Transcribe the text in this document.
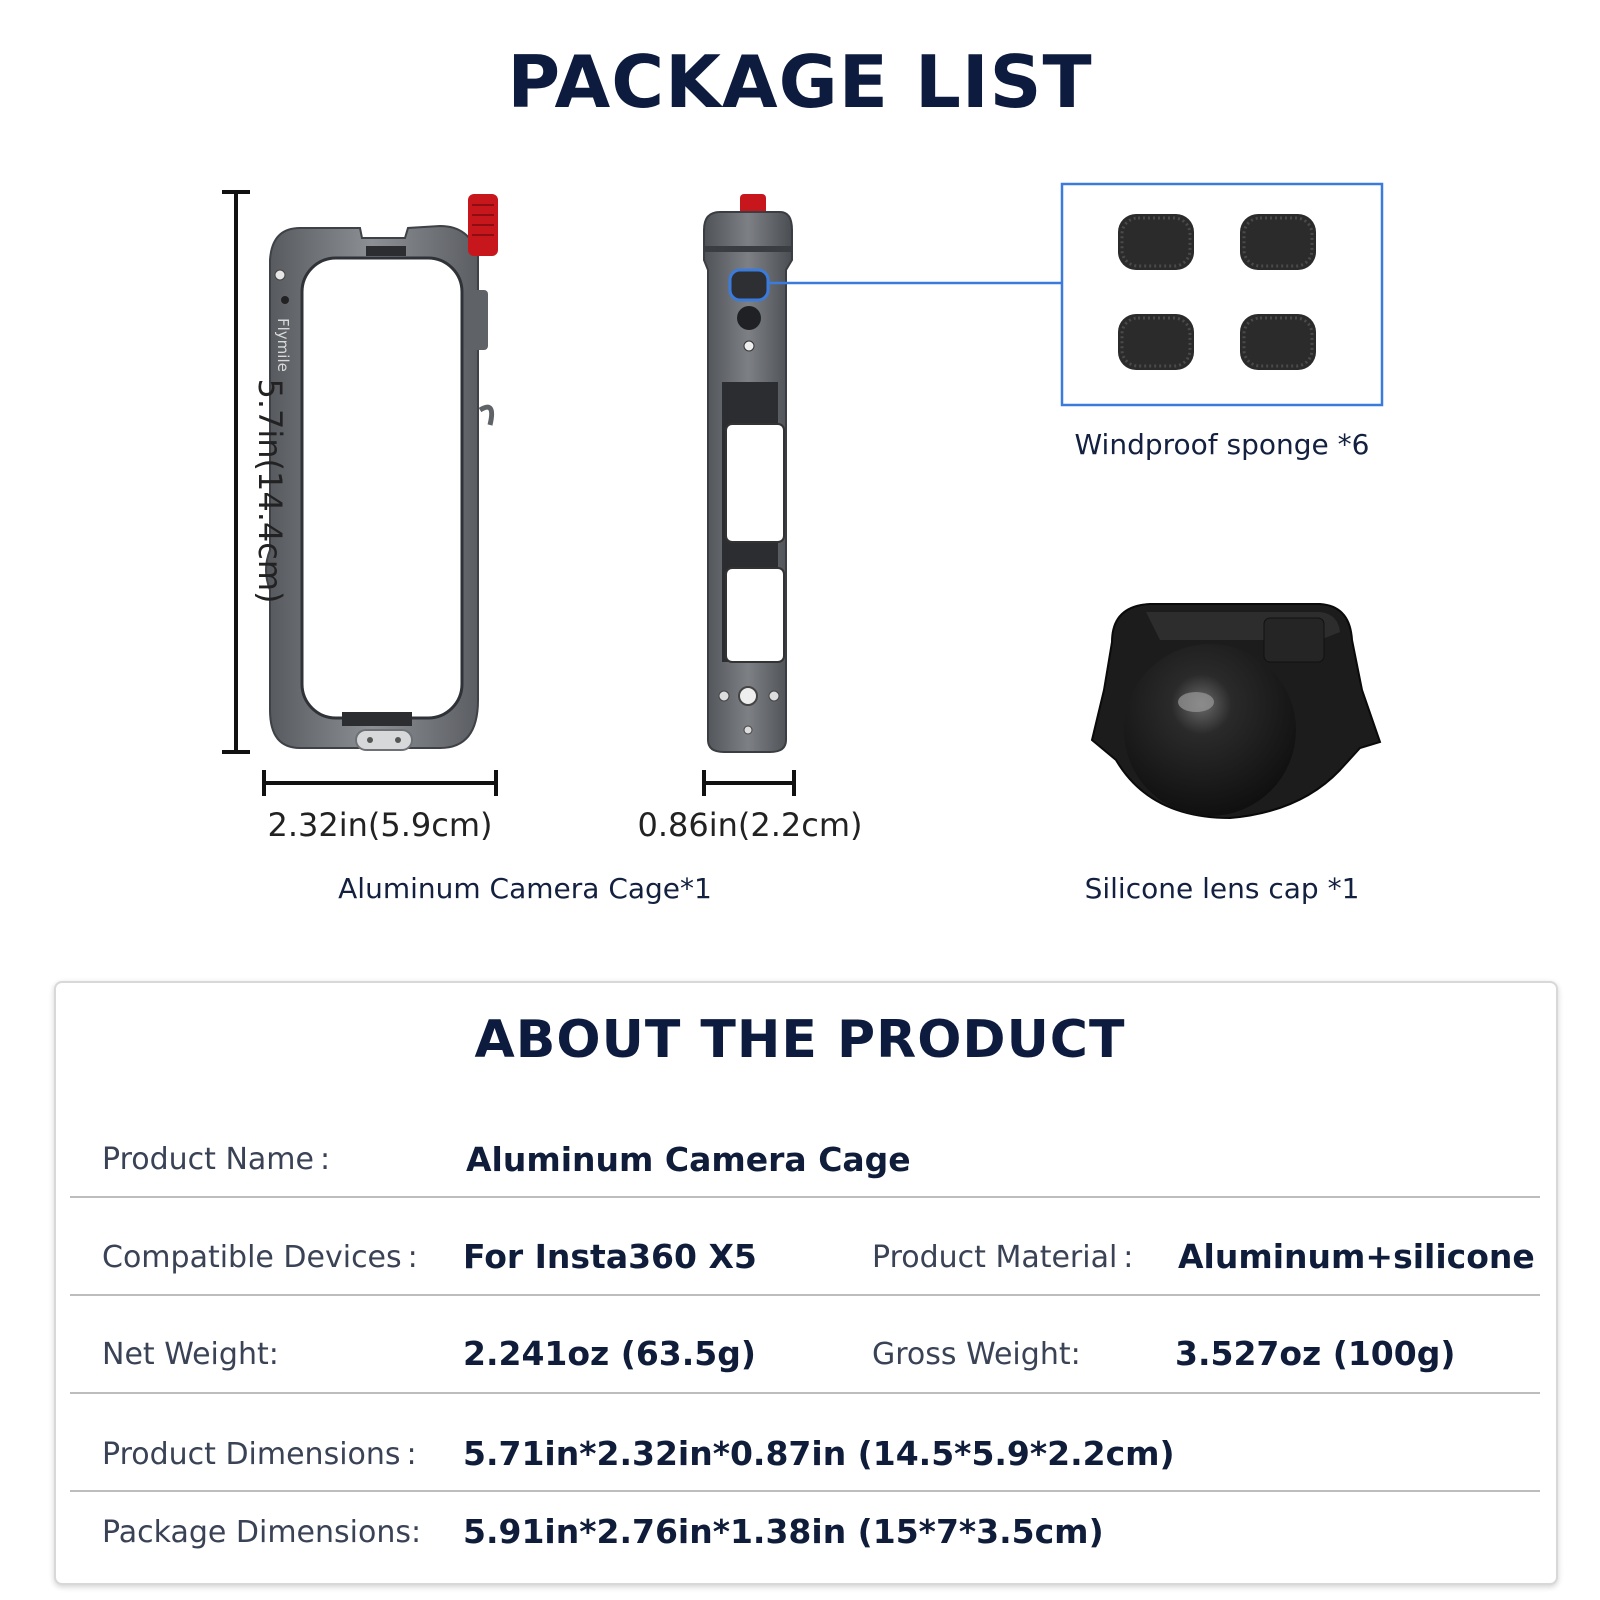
PACKAGE LIST
Flymile
5.7in(14.4cm)
2.32in(5.9cm)	0.86in(2.2cm)
Aluminum Camera Cage*1
Windproof sponge *6
Silicone lens cap *1
ABOUT THE PRODUCT
Product Name :	Aluminum Camera Cage
Compatible Devices : For Insta360 X5	Product Material : Aluminum+silicone
Net Weight:	2.241oz (63.5g)	Gross Weight:	3.527oz (100g)
Product Dimensions : 5.71in*2.32in*0.87in (14.5*5.9*2.2cm)
Package Dimensions: 5.91in*2.76in*1.38in (15*7*3.5cm)
